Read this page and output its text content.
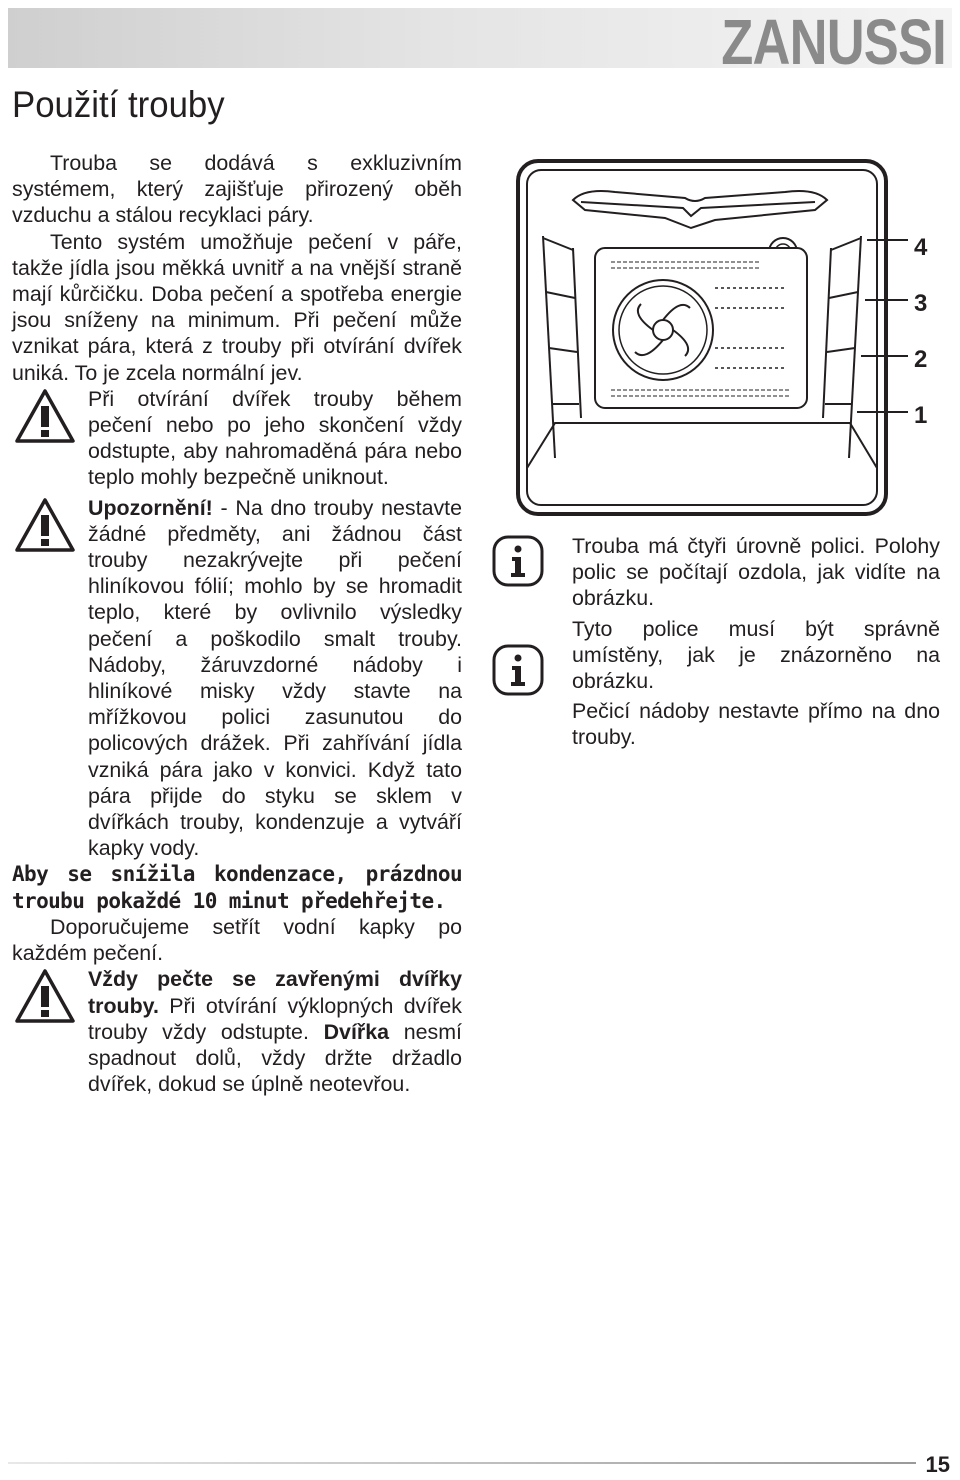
ZANUSSI
Použití trouby

Trouba se dodává s exkluzivním systémem, který zajišťuje přirozený oběh vzduchu a stálou recyklaci páry.

Tento systém umožňuje pečení v páře, takže jídla jsou měkká uvnitř a na vnější straně mají kůrčičku. Doba pečení a spotřeba energie jsou sníženy na minimum. Při pečení může vznikat pára, která z trouby při otvírání dvířek uniká. To je zcela normální jev.

Při otvírání dvířek trouby během pečení nebo po jeho skončení vždy odstupte, aby nahromaděná pára nebo teplo mohly bezpečně uniknout.

Upozornění! - Na dno trouby nestavte žádné předměty, ani žádnou část trouby nezakrývejte při pečení hliníkovou fólií; mohlo by se hromadit teplo, které by ovlivnilo výsledky pečení a poškodilo smalt trouby. Nádoby, žáruvzdorné nádoby i hliníkové misky vždy stavte na mřížkovou polici zasunutou do policových drážek. Při zahřívání jídla vzniká pára jako v konvici. Když tato pára přijde do styku se sklem v dvířkách trouby, kondenzuje a vytváří kapky vody.

Aby se snížila kondenzace, prázdnou troubu pokaždé 10 minut předehřejte.

Doporučujeme setřít vodní kapky po každém pečení.

Vždy pečte se zavřenými dvířky trouby. Při otvírání výklopných dvířek trouby vždy odstupte. Dvířka nesmí spadnout dolů, vždy držte držadlo dvířek, dokud se úplně neotevřou.

4
3
2
1

Trouba má čtyři úrovně polici. Polohy polic se počítají ozdola, jak vidíte na obrázku.

Tyto police musí být správně umístěny, jak je znázorněno na obrázku.

Pečicí nádoby nestavte přímo na dno trouby.

15
